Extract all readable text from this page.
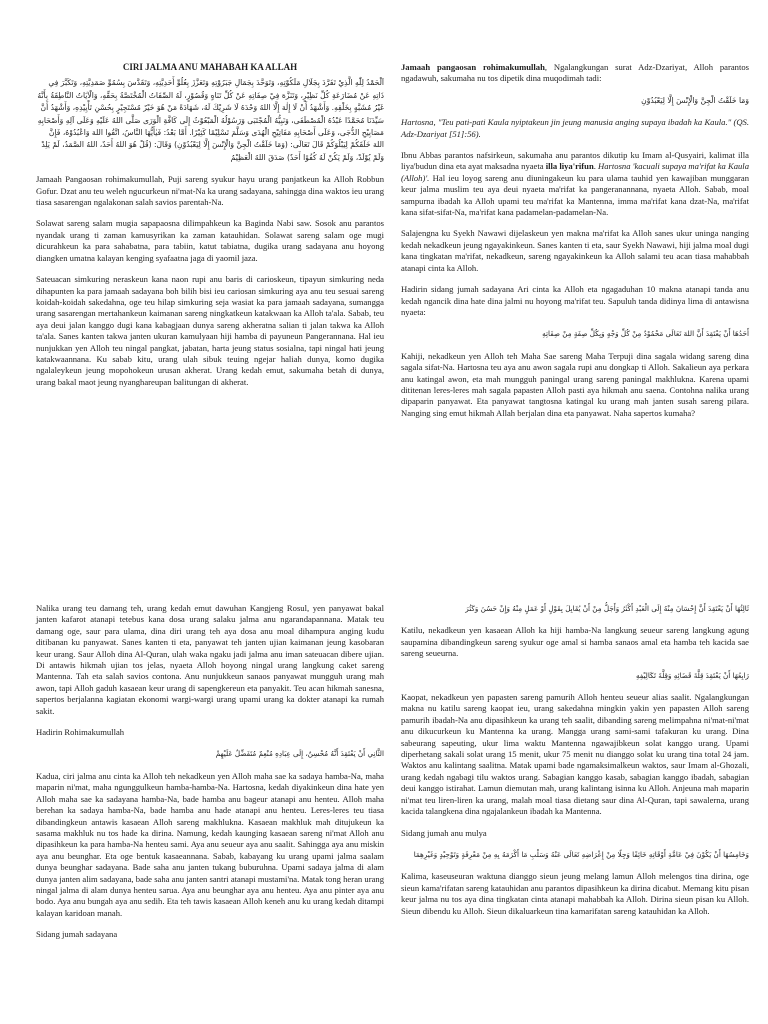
CIRI JALMA ANU MAHABAH KA ALLAH
اَلْحَمْدُ لِلّٰهِ الَّذِيْ تَفَرَّدَ بِجَلَالِ مَلَكُوْتِهِ، وَتَوَحَّدَ بِجَمَالِ جَبَرُوْتِهِ وَتَعَزَّزَ بِعُلُوِّ أَحَدِيَّتِهِ، وَتَقَدَّسَ بِسُمُوِّ صَمَدِيَّتِهِ، وَتَكَبَّرَ فِي ذَاتِهِ عَنْ مُضَارَعَةِ كُلِّ نَظِيْرٍ، وَتَنَزَّهَ فِيْ صِفَاتِهِ عَنْ كُلِّ تَنَاهٍ وَقُصُوْرٍ، لَهُ الصِّفَاتُ الْمُخْتَصَّةُ بِحَقِّهِ، وَالْآيَاتُ النَّاطِقَةُ بِأَنَّهُ غَيْرُ مُشَبَّهٍ بِخَلْقِهِ. وَأَشْهَدُ أَنْ لَا إِلٰهَ إِلَّا اللهُ وَحْدَهُ لَا شَرِيْكَ لَهُ، شَهَادَةً مَنْ هُوَ خَيْرٌ مُسْتَجِيْرٍ بِحُسْنِ تَأْيِيْدِهِ، وَأَشْهَدُ أَنَّ سَيِّدَنَا مُحَمَّدًا عَبْدُهُ الْمُصْطَفَى، وَنَبِيُّهُ الْمُجْتَبَى وَرَسُوْلُهُ الْمَبْعُوْثُ إِلَى كَافَّةِ الْوَرَى صَلَّى اللهُ عَلَيْهِ وَعَلَى آلِهِ وَأَصْحَابِهِ مَصَابِيْحِ الدُّجَى، وَعَلَى أَصْحَابِهِ مَفَاتِيْحِ الْهُدَى وَسَلَّمَ تَسْلِيْمًا كَثِيْرًا. أَمَّا بَعْدُ: فَيٰأَيُّهَا النَّاسُ، اتَّقُوا اللهَ وَاعْبُدُوْهُ، فَإِنَّ اللهَ خَلَقَكُمْ لِيَبْلُوَكُمْ قَالَ تَعَالَى: (وَمَا خَلَقْتُ الْجِنَّ وَالْإِنْسَ إِلَّا لِيَعْبُدُوْنِ) وَقَالَ: (قُلْ هُوَ اللهُ أَحَدٌ، اللهُ الصَّمَدُ، لَمْ يَلِدْ وَلَمْ يُوْلَدْ، وَلَمْ يَكُنْ لَهُ كُفُوًا أَحَدٌ) صَدَقَ اللهُ الْعَظِيْمُ

Jamaah Pangaosan rohimakumullah, Puji sareng syukur hayu urang panjatkeun ka Alloh Robbun Gofur. Dzat anu teu weleh ngucurkeun ni'mat-Na ka urang sadayana, sahingga dina waktos ieu urang tiasa sasarengan ngalakonan salah savios parentah-Na.

Solawat sareng salam mugia sapapaosna dilimpahkeun ka Baginda Nabi saw. Sosok anu parantos nyandak urang ti zaman kamusyrikan ka zaman katauhidan. Solawat sareng salam oge mugi dicurahkeun ka para sahabatna, para tabiin, katut tabiatna, dugika urang sadayana anu hoyong diangken umatna kalayan kenging syafaatna jaga di yaomil jaza.

Sateuacan simkuring neraskeun kana naon rupi anu baris di carioskeun, tipayun simkuring neda dihapunten ka para jamaah sadayana boh bilih bisi ieu cariosan simkuring aya anu teu sesuai sareng koidah-koidah sakedahna, oge teu hilap simkuring seja wasiat ka para jamaah sadayana, sumangga urang sasarengan mertahankeun kaimanan sareng ningkatkeun katakwaan ka Alloh ta'ala. Sabab, teu aya deui jalan kanggo dugi kana kabagjaan dunya sareng akheratna salian ti jalan takwa ka Alloh ta'ala. Sanes kanten takwa janten ukuran kamulyaan hiji hamba di payuneun Pangerannana. Hal ieu nunjukkan yen Alloh teu ningal pangkat, jabatan, harta jeung status sosialna, tapi ningal hati jeung katakwaannana. Ku sabab kitu, urang ulah sibuk teuing ngejar haliah dunya, komo dugika ngalaleykeun jeung mopohokeun urusan akherat. Urang kedah emut, sakumaha betah di dunya, urang bakal maot jeung nyanghareupan balitungan di akherat.

Jamaah pangaosan rohimakumullah, Ngalangkungan surat Adz-Dzariyat, Alloh parantos ngadawuh, sakumaha nu tos dipetik dina muqodimah tadi:

وَمَا خَلَقْتُ الْجِنَّ وَالْإِنْسَ إِلَّا لِيَعْبُدُوْنِ

Hartosna, "Teu pati-pati Kaula nyiptakeun jin jeung manusia anging supaya ibadah ka Kaula." (QS. Adz-Dzariyat [51]:56).

Ibnu Abbas parantos nafsirkeun, sakumaha anu parantos dikutip ku Imam al-Qusyairi, kalimat illa liya'budun dina eta ayat maksadna nyaeta illa liya'rifun. Hartosna 'kacuali supaya ma'rifat ka Kaula (Alloh)'. Hal ieu loyog sareng anu diuningakeun ku para ulama tauhid yen kawajiban munggaran keur jalma muslim teu aya deui nyaeta ma'rifat ka pangeranannana, nyaeta Alloh. Sabab, moal sampurna ibadah ka Alloh upami teu ma'rifat ka Mantenna, imma ma'rifat kana dzat-Na, ma'rifat kana sifat-sifat-Na, ma'rifat kana padamelan-padamelan-Na.

Salajengna ku Syekh Nawawi dijelaskeun yen makna ma'rifat ka Alloh sanes ukur uninga nanging kedah nekadkeun jeung ngayakinkeun. Sanes kanten ti eta, saur Syekh Nawawi, hiji jalma moal dugi kana tingkatan ma'rifat, nekadkeun, sareng ngayakinkeun ka Alloh salami teu acan tiasa mahabbah atanapi cinta ka Alloh.

Hadirin sidang jumah sadayana Ari cinta ka Alloh eta ngagaduhan 10 makna atanapi tanda anu kedah ngancik dina hate dina jalmi nu hoyong ma'rifat teu. Sapuluh tanda didinya lima di antawisna nyaeta:

أَحَدُهَا أَنْ يَعْتَقِدَ أَنَّ اللهَ تَعَالَى مَحْمُوْدٌ مِنْ كُلِّ وَجْهٍ وَبِكُلِّ صِفَةٍ مِنْ صِفَاتِهِ

Kahiji, nekadkeun yen Alloh teh Maha Sae sareng Maha Terpuji dina sagala widang sareng dina sagala sifat-Na. Hartosna teu aya anu awon sagala rupi anu dongkap ti Alloh. Sakalieun aya perkara anu katingal awon, eta mah mungguh paningal urang sareng paningal makhlukna. Karena upami dititenan leres-leres mah sagala papasten Alloh pasti aya hikmah anu saena. Contohna nalika urang dipaparin panyawat. Eta panyawat tangtosna katingal ku urang mah janten susah sareng pilara. Nanging sing emut hikmah Allah berjalan dina eta panyawat. Naha sapertos kumaha?

Nalika urang teu damang teh, urang kedah emut dawuhan Kangjeng Rosul, yen panyawat bakal janten kafarot atanapi tetebus kana dosa urang salaku jalma anu ngarandapannana. Matak teu damang oge, saur para ulama, dina diri urang teh aya dosa anu moal dihampura anging kudu ditibanan ku panyawat. Sanes kanten ti eta, panyawat teh janten ujian kaimanan jeung kasobaran keur urang. Saur Alloh dina Al-Quran, ulah waka ngaku jadi jalma anu iman sateuacan dibere ujian. Di antawis hikmah ujian tos jelas, nyaeta Alloh hoyong ningal urang langkung caket sareng Mantenna. Tah eta salah savios contona. Anu nunjukkeun sanaos panyawat mungguh urang mah awon, tapi Alloh gaduh kasaean keur urang di sapengkereun eta panyakit. Teu acan hikmah sanesna, sapertos berjalanna kagiatan ekonomi wargi-wargi urang upami urang ka dokter atanapi ka rumah sakit.

Hadirin Rohimakumullah

الثَّانِي أَنْ يَعْتَقِدَ أَنَّهُ مُحْسِنٌ، إِلَى عِبَادِهِ مُنْعِمٌ مُتَفَضِّلٌ عَلَيْهِمْ

Kadua, ciri jalma anu cinta ka Alloh teh nekadkeun yen Alloh maha sae ka sadaya hamba-Na, maha maparin ni'mat, maha ngunggulkeun hamba-hamba-Na. Hartosna, kedah diyakinkeun dina hate yen Alloh maha sae ka sadayana hamba-Na, bade hamba anu bageur atanapi anu henteu. Alloh maha berehan ka sadaya hamba-Na, bade hamba anu hade atanapi anu henteu. Leres-leres teu tiasa dibandingkeun antawis kasaean Alloh sareng makhlukna. Kasaean makhluk mah ditujukeun ka sasama makhluk nu tos hade ka dirina. Namung, kedah kaunging kasaean sareng ni'mat Alloh anu dipasihkeun ka para hamba-Na henteu sami. Aya anu seueur aya anu saalit. Sahingga aya anu miskin aya anu beunghar. Eta oge bentuk kasaeannana. Sabab, kabayang ku urang upami jalma saalam dunya beunghar sadayana. Bade saha anu janten tukang buburuhna. Upami sadaya jalma di alam dunya janten alim sadayana, bade saha anu janten santri atanapi mustami'na. Matak tong heran urang ningal jalma di alam dunya henteu sarua. Aya anu beunghar aya anu henteu. Aya anu pinter aya anu bodo. Aya anu bungah aya anu sedih. Eta teh tawis kasaean Alloh keneh anu ku urang kedah ditampi kalayan karidoan manah.

Sidang jumah sadayana

ثَالِثُهَا أَنْ يَعْتَقِدَ أَنَّ إِحْسَانَ مِنْهُ إِلَى الْعَبْدِ أَكْثَرُ وَأَجَلُّ مِنْ أَنْ يُقَابِلَ بِقَوْلٍ أَوْ عَمَلٍ مِنْهُ وَإِنْ حَسُنَ وَكَثُرَ

Katilu, nekadkeun yen kasaean Alloh ka hiji hamba-Na langkung seueur sareng langkung agung saupamina dibandingkeun sareng syukur oge amal si hamba sanaos amal eta hamba teh kacida sae sareng seueurna.

رَابِعُهَا أَنْ يَعْتَقِدَ قِلَّةَ قَضَائِهِ وَقِلَّةَ تَكَالِيْفِهِ

Kaopat, nekadkeun yen papasten sareng pamurih Alloh henteu seueur alias saalit. Ngalangkungan makna nu katilu sareng kaopat ieu, urang sakedahna mingkin yakin yen papasten Alloh sareng pamurih ibadah-Na anu dipasihkeun ka urang teh saalit, dibanding sareng melimpahna ni'mat-ni'mat anu dikucurkeun ku Mantenna ka urang. Mangga urang sami-sami tafakuran ku urang. Dina sabeurang sapeuting, ukur lima waktu Mantenna ngawajibkeun solat kanggo urang. Upami diperhetang sakali solat urang 15 menit, ukur 75 menit nu dianggo solat ku urang tina total 24 jam. Waktos anu kalintang saalitna. Matak upami bade ngamaksimalkeun waktos, saur Imam al-Ghozali, urang kedah ngabagi tilu waktos urang. Sabagian kanggo kasab, sabagian kanggo ibadah, sabagian deui kanggo istirahat. Lamun diemutan mah, urang kalintang isinna ku Alloh. Anjeuna mah maparin ni'mat teu liren-liren ka urang, malah moal tiasa dietang saur dina Al-Quran, tapi sawalerna, urang kacida talangkena dina ngajalankeun ibadah ka Mantenna.

Sidang jumah anu mulya

وَخَامِسُهَا أَنْ يَكُوْنَ فِيْ عَامَّةِ أَوْقَاتِهِ خَائِفًا وَجِلًا مِنْ إِعْرَاضِهِ تَعَالَى عَنْهُ وَسَلْبِ مَا أَكْرَمَهُ بِهِ مِنْ مَعْرِفَةٍ وَتَوْحِيْدٍ وَغَيْرِهِمَا

Kalima, kaseuseuran waktuna dianggo sieun jeung melang lamun Alloh melengos tina dirina, oge sieun kama'rifatan sareng katauhidan anu parantos dipasihkeun ka dirina dicabut. Memang kitu pisan keur jalma nu tos aya dina tingkatan cinta atanapi mahabbah ka Alloh. Dirina sieun pisan ku Alloh. Sieun dibendu ku Alloh. Sieun dikaluarkeun tina kamarifatan sareng katauhidan ka Alloh.
